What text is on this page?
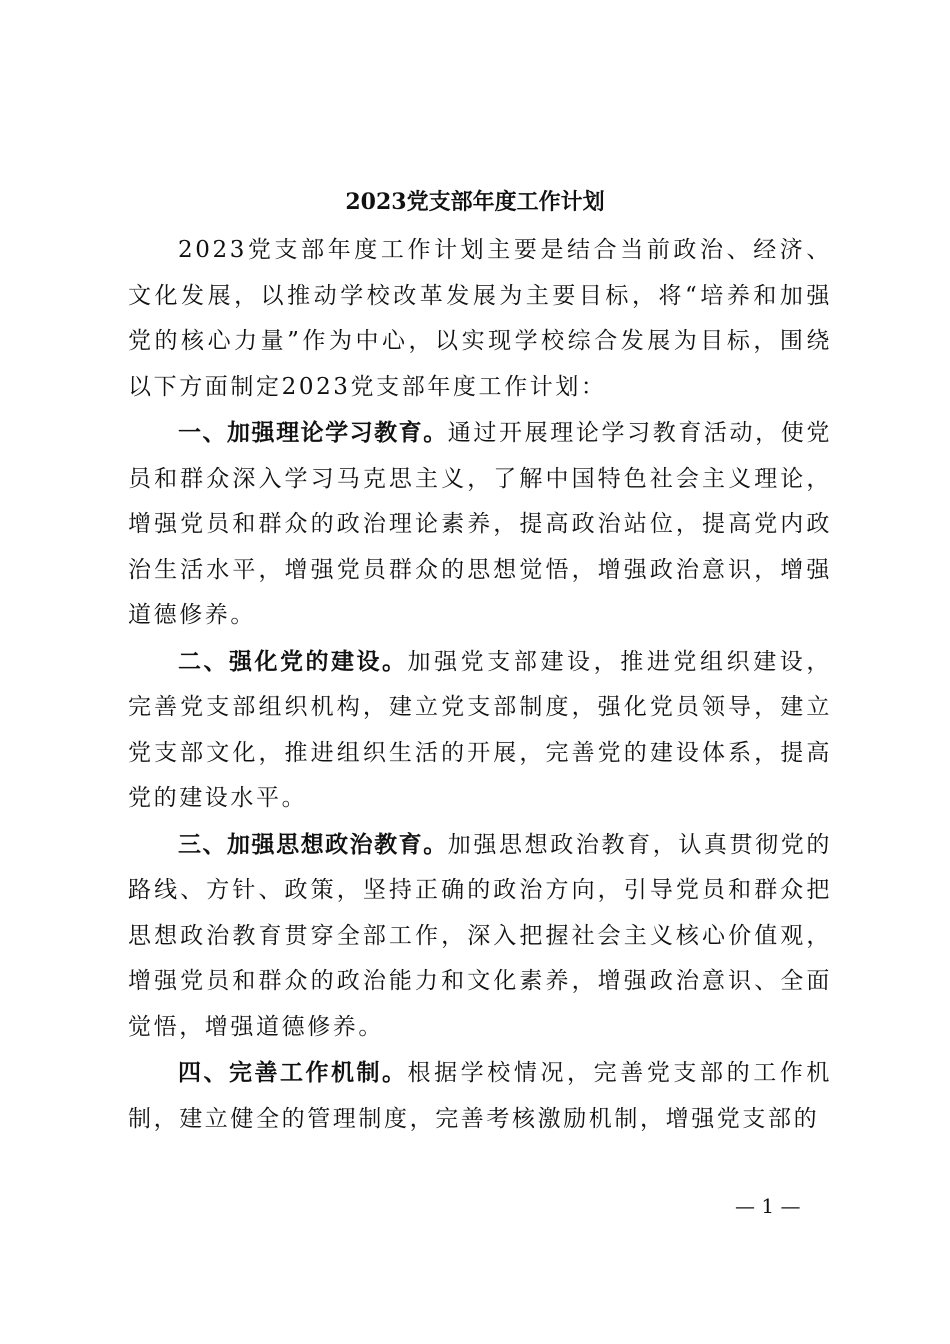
2023党支部年度工作计划

2023党支部年度工作计划主要是结合当前政治、经济、文化发展，以推动学校改革发展为主要目标，将“培养和加强党的核心力量”作为中心，以实现学校综合发展为目标，围绕以下方面制定2023党支部年度工作计划：

一、加强理论学习教育。通过开展理论学习教育活动，使党员和群众深入学习马克思主义，了解中国特色社会主义理论，增强党员和群众的政治理论素养，提高政治站位，提高党内政治生活水平，增强党员群众的思想觉悟，增强政治意识，增强道德修养。

二、强化党的建设。加强党支部建设，推进党组织建设，完善党支部组织机构，建立党支部制度，强化党员领导，建立党支部文化，推进组织生活的开展，完善党的建设体系，提高党的建设水平。

三、加强思想政治教育。加强思想政治教育，认真贯彻党的路线、方针、政策，坚持正确的政治方向，引导党员和群众把思想政治教育贯穿全部工作，深入把握社会主义核心价值观，增强党员和群众的政治能力和文化素养，增强政治意识、全面觉悟，增强道德修养。

四、完善工作机制。根据学校情况，完善党支部的工作机制，建立健全的管理制度，完善考核激励机制，增强党支部的

— 1 —
